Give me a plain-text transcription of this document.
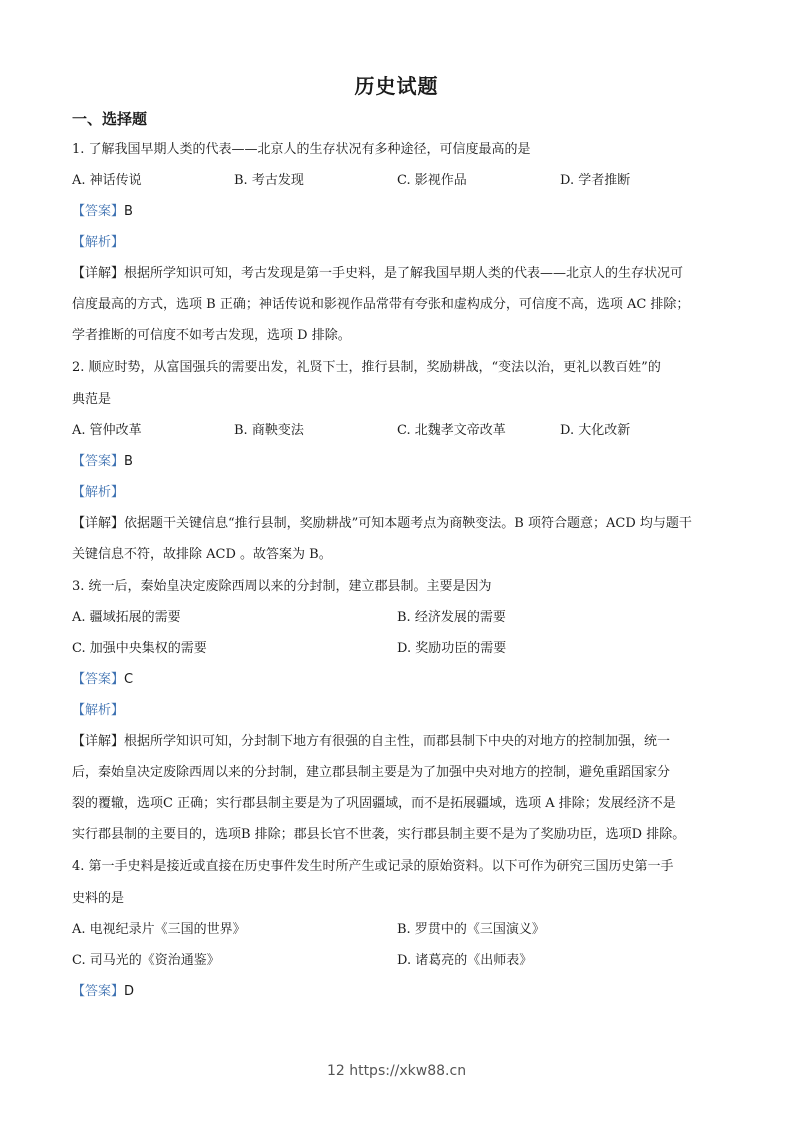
历史试题
一、选择题
1. 了解我国早期人类的代表——北京人的生存状况有多种途径，可信度最高的是
A. 神话传说	B. 考古发现	C. 影视作品	D. 学者推断
【答案】B
【解析】
【详解】根据所学知识可知，考古发现是第一手史料，是了解我国早期人类的代表——北京人的生存状况可
信度最高的方式，选项 B 正确；神话传说和影视作品常带有夸张和虚构成分，可信度不高，选项 AC 排除；
学者推断的可信度不如考古发现，选项 D 排除。
2. 顺应时势，从富国强兵的需要出发，礼贤下士，推行县制，奖励耕战，“变法以治，更礼以教百姓”的
典范是
A. 管仲改革	B. 商鞅变法	C. 北魏孝文帝改革	D. 大化改新
【答案】B
【解析】
【详解】依据题干关键信息“推行县制，奖励耕战”可知本题考点为商鞅变法。B 项符合题意；ACD 均与题干
关键信息不符，故排除 ACD 。故答案为 B。
3. 统一后，秦始皇决定废除西周以来的分封制，建立郡县制。主要是因为
A. 疆域拓展的需要	B. 经济发展的需要
C. 加强中央集权的需要	D. 奖励功臣的需要
【答案】C
【解析】
【详解】根据所学知识可知，分封制下地方有很强的自主性，而郡县制下中央的对地方的控制加强，统一
后，秦始皇决定废除西周以来的分封制，建立郡县制主要是为了加强中央对地方的控制，避免重蹈国家分
裂的覆辙，选项C 正确；实行郡县制主要是为了巩固疆域，而不是拓展疆域，选项 A 排除；发展经济不是
实行郡县制的主要目的，选项B 排除；郡县长官不世袭，实行郡县制主要不是为了奖励功臣，选项D 排除。
4. 第一手史料是接近或直接在历史事件发生时所产生或记录的原始资料。以下可作为研究三国历史第一手
史料的是
A. 电视纪录片《三国的世界》	B. 罗贯中的《三国演义》
C. 司马光的《资治通鉴》	D. 诸葛亮的《出师表》
【答案】D
12 https://xkw88.cn
